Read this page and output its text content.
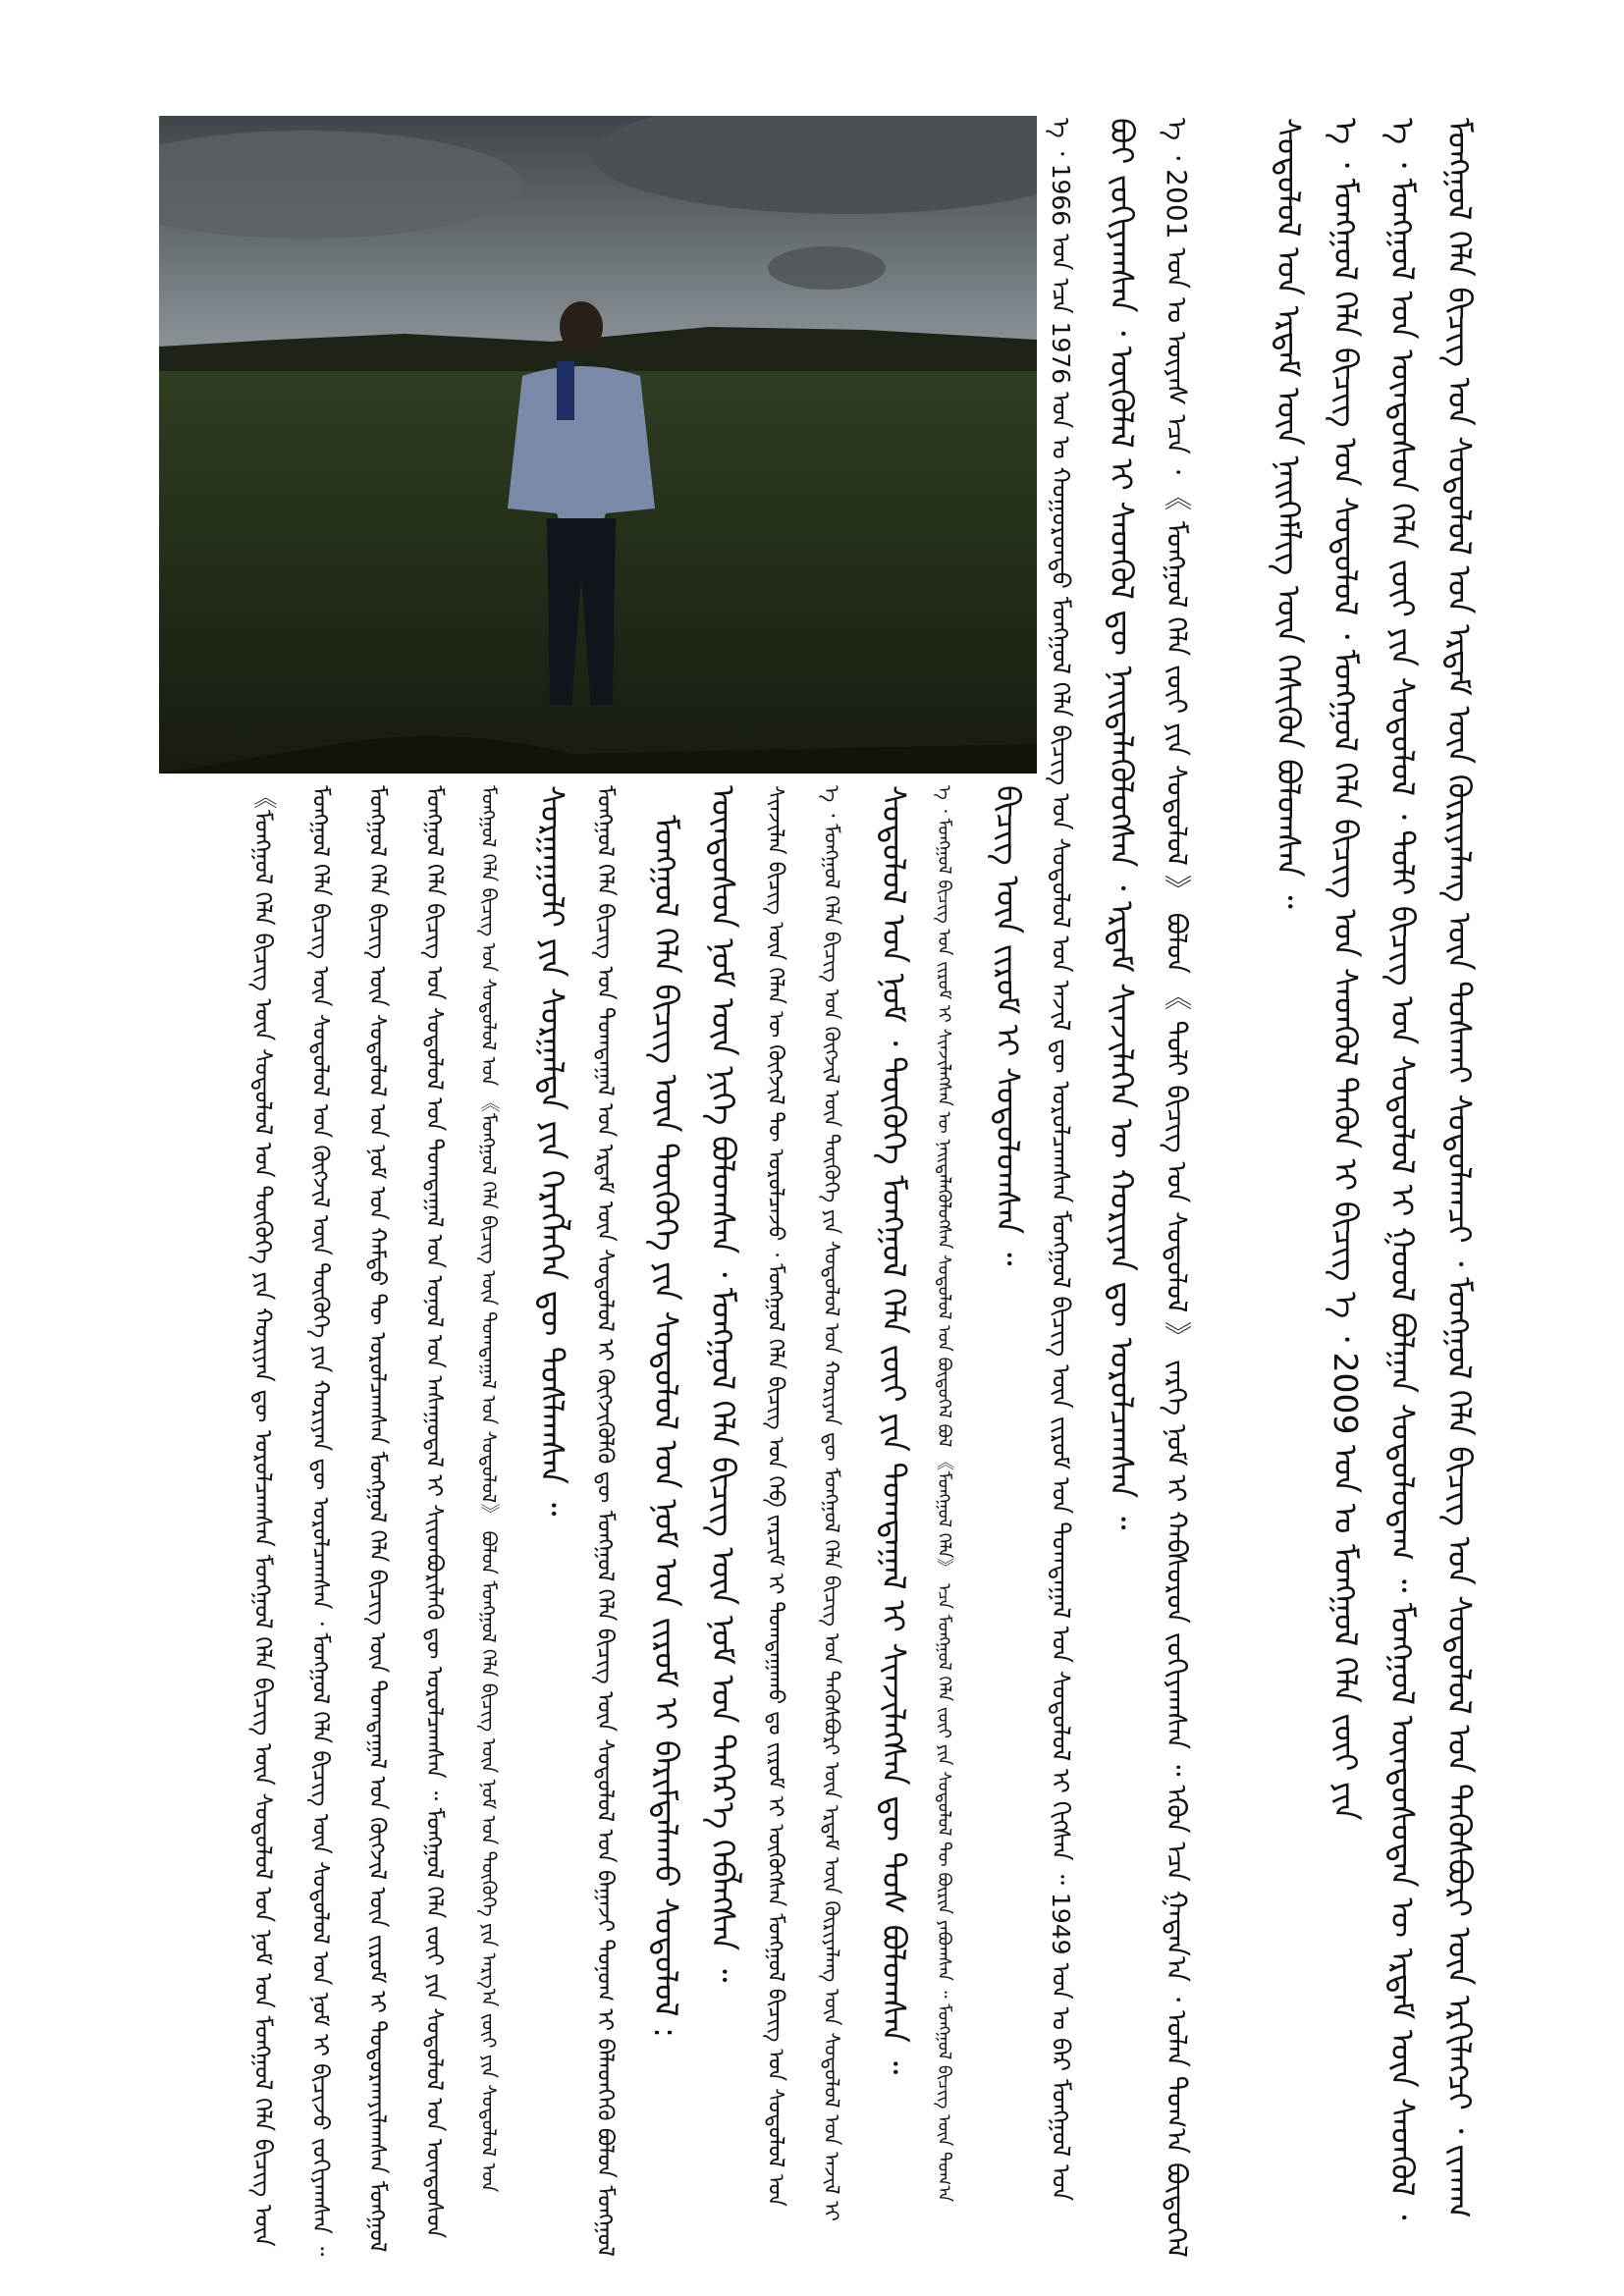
ᠮᠣᠩᠭᠣᠯ ᠬᠡᠯᠡ ᠪᠢᠴᠢᠭ᠌ ᠤᠨ ᠰᠤᠳᠤᠯᠤᠯ ᠤᠨ ᠡᠷᠳᠡᠮ ᠦᠨ ᠬᠦᠷᠢᠶᠡᠯᠡᠩ ᠦᠨ ᠲᠤᠰᠬᠠᠢ ᠰᠤᠳᠤᠯᠠᠭᠴᠢ ᠂ ᠮᠣᠩᠭᠣᠯ ᠬᠡᠯᠡ ᠪᠢᠴᠢᠭ᠌ ᠤᠨ ᠰᠤᠳᠤᠯᠤᠯ ᠤᠨ ᠲᠡᠭᠦᠰᠪᠦᠷᠢ ᠦᠨ ᠡᠷᠬᠢᠯᠡᠭᠴᠢ ᠂ ᠵᠢᠬᠠᠭ
ᠡ ᠂ ᠮᠣᠩᠭᠣᠯ ᠤᠨ ᠦᠨᠳᠦᠰᠦᠨ ᠬᠡᠯᠡ ᠵᠦᠢ ᠶᠢᠨ ᠰᠤᠳᠤᠯᠤᠯ ᠂ ᠲᠣᠯᠢ ᠪᠢᠴᠢᠭ᠌ ᠤᠨ ᠰᠤᠳᠤᠯᠤᠯ ᠢ ᠭᠣᠣᠯ ᠪᠣᠯᠭᠠᠨ ᠰᠤᠳᠤᠯᠤᠳᠠᠭ ᠃ ᠮᠣᠩᠭᠣᠯ ᠦᠨᠳᠦᠰᠦᠲᠡᠨ ᠦ ᠡᠷᠳᠡᠮ ᠦᠨ ᠰᠡᠳᠬᠦᠯ ᠂
ᠡ ᠂ ᠮᠣᠩᠭᠣᠯ ᠬᠡᠯᠡ ᠪᠢᠴᠢᠭ᠌ ᠤᠨ ᠰᠤᠳᠤᠯᠤᠯ ᠂ ᠮᠣᠩᠭᠣᠯ ᠬᠡᠯᠡ ᠪᠢᠴᠢᠭ᠌ ᠤᠨ ᠰᠡᠳᠬᠦᠯ ᠲᠡᠭᠦᠨ ᠢ ᠪᠢᠴᠢᠭ᠌ ᠡ ᠂ 2009 ᠣᠨ ᠤ ᠮᠣᠩᠭᠣᠯ ᠬᠡᠯᠡ ᠵᠦᠢ ᠶᠢᠨ
ᠰᠣᠳᠤᠯᠤᠯ ᠤᠨ ᠡᠷᠳᠡᠮ ᠦᠨ ᠨᠡᠢᠭᠡᠮᠯᠢᠭ ᠦᠨ ᠭᠡᠰᠢᠭᠦᠨ ᠪᠣᠯᠤᠭᠰᠠᠨ ᠃
ᠡ ᠂ 2001 ᠣᠨ ᠤ ᠦᠶᠡᠰ ᠡᠴᠡ ᠂ 《 ᠮᠣᠩᠭᠣᠯ ᠬᠡᠯᠡ ᠵᠦᠢ ᠶᠢᠨ ᠰᠤᠳᠤᠯᠤᠯ 》 ᠪᠣᠯᠤᠨ 《 ᠲᠣᠯᠢ ᠪᠢᠴᠢᠭ᠌ ᠤᠨ ᠰᠤᠳᠤᠯᠤᠯ 》 ᠵᠡᠷᠭᠡ ᠨᠣᠮ ᠢ ᠬᠠᠪᠰᠤᠷᠤᠨ ᠵᠣᠬᠢᠶᠠᠭᠰᠠᠨ ᠃ ᠡᠭᠦᠨ ᠡᠴᠡ ᠭᠠᠳᠠᠨ᠎ᠠ ᠂ ᠣᠯᠠᠨ ᠲᠣᠭ᠎ᠠ ᠪᠦᠲᠦᠭᠡᠯ
ᠪᠤᠶ ᠵᠣᠬᠢᠶᠠᠭᠰᠠᠨ ᠂ ᠥᠭᠦᠯᠡᠯ ᠢ ᠰᠡᠳᠬᠦᠯ ᠳᠦ ᠨᠡᠢᠲᠡᠯᠡᠭᠦᠯᠦᠭᠰᠡᠨ ᠂ ᠡᠷᠳᠡᠮ ᠰᠢᠨᠵᠢᠯᠡᠭᠡᠨ ᠦ ᠬᠣᠷᠢᠶᠠᠨ ᠳᠦ ᠣᠷᠣᠯᠴᠠᠭᠰᠠᠨ ᠃
ᠡ ᠂ 1966 ᠣᠨ ᠡᠴᠡ 1976 ᠣᠨ ᠤ ᠬᠣᠭᠣᠷᠣᠨᠳᠤ ᠮᠣᠩᠭᠣᠯ ᠬᠡᠯᠡ ᠪᠢᠴᠢᠭ᠌ ᠤᠨ ᠰᠤᠳᠤᠯᠤᠯ ᠤᠨ ᠠᠵᠢᠯ ᠳᠦ ᠣᠷᠣᠯᠴᠠᠭᠰᠠᠨ ᠮᠣᠩᠭᠣᠯ ᠪᠢᠴᠢᠭ᠌ ᠦᠨ ᠵᠢᠷᠤᠮ ᠤᠨ ᠲᠣᠭᠲᠠᠭᠠᠯ ᠤᠨ ᠰᠤᠳᠤᠯᠤᠯ ᠢ ᠬᠢᠭᠰᠡᠨ ᠃ 1949 ᠣᠨ ᠤ ᠪᠠᠷ ᠮᠣᠩᠭᠣᠯ ᠤᠨ
ᠪᠢᠴᠢᠭ᠌ ᠦᠨ ᠵᠢᠷᠤᠮ ᠢ ᠰᠤᠳᠤᠯᠤᠭᠰᠠᠨ ᠃
ᠡ ᠂ ᠮᠣᠩᠭᠣᠯ ᠪᠢᠴᠢᠭ᠌ ᠤᠨ ᠵᠢᠷᠤᠮ ᠢ ᠰᠢᠨᠵᠢᠯᠡᠭᠰᠡᠨ ᠦ ᠨᠡᠢᠲᠡᠯᠡᠭᠦᠯᠦᠭᠰᠡᠨ ᠰᠤᠳᠤᠯᠤᠯ ᠤᠨ ᠪᠦᠲᠦᠭᠡᠯ ᠪᠣᠯ 《ᠮᠣᠩᠭᠣᠯ ᠬᠡᠯᠡ》 ᠡᠴᠡ ᠮᠣᠩᠭᠣᠯ ᠬᠡᠯᠡ ᠵᠦᠢ ᠶᠢᠨ ᠰᠤᠳᠤᠯᠤᠯ ᠲᠦ ᠪᠦᠷᠢᠨ ᠶᠠᠪᠤᠭᠰᠠᠨ ᠃ ᠮᠣᠩᠭᠣᠯ ᠪᠢᠴᠢᠭ᠌ ᠦᠨ ᠲᠣᠭ᠎ᠠ
ᠰᠤᠳᠤᠯᠤᠯ ᠤᠨ ᠨᠤᠮ ᠂ ᠲᠦᠭᠦᠬᠡ ᠮᠣᠩᠭᠣᠯ ᠬᠡᠯᠡ ᠵᠦᠢ ᠶᠢᠨ ᠲᠣᠭᠲᠠᠭᠠᠯ ᠢ ᠰᠢᠨᠵᠢᠯᠡᠭᠰᠡᠨ ᠳᠦ ᠲᠤᠰ ᠪᠣᠯᠤᠭᠰᠠᠨ ᠃
ᠡ ᠂ ᠮᠣᠩᠭᠣᠯ ᠬᠡᠯᠡ ᠪᠢᠴᠢᠭ᠌ ᠤᠨ ᠬᠥᠭᠵᠢᠯ ᠦᠨ ᠲᠦᠭᠦᠬᠡ ᠶᠢᠨ ᠰᠤᠳᠤᠯᠤᠯ ᠤᠨ ᠬᠣᠷᠢᠶᠠᠨ ᠳᠦ ᠮᠣᠩᠭᠣᠯ ᠬᠡᠯᠡ ᠪᠢᠴᠢᠭ᠌ ᠤᠨ ᠲᠡᠭᠦᠰᠪᠦᠷᠢ ᠦᠨ ᠡᠷᠳᠡᠮ ᠦᠨ ᠬᠦᠷᠢᠶᠡᠯᠡᠩ ᠦᠨ ᠰᠤᠳᠤᠯᠤᠯ ᠤᠨ ᠠᠵᠢᠯ ᠢ
ᠰᠢᠨᠵᠢᠯᠡᠨ ᠪᠢᠴᠢᠭ᠌ ᠦᠨ ᠬᠡᠯᠡᠨ ᠦ ᠬᠥᠭᠵᠢᠯ ᠲᠦ ᠣᠷᠣᠯᠴᠠᠵᠤ ᠂ ᠮᠣᠩᠭᠣᠯ ᠬᠡᠯᠡ ᠪᠢᠴᠢᠭ᠌ ᠤᠨ ᠬᠡᠪ ᠵᠠᠷᠴᠢᠮ ᠢ ᠲᠣᠭᠲᠠᠭᠠᠬᠤ ᠳᠤ ᠵᠢᠷᠤᠮ ᠢ ᠦᠬᠦᠭᠰᠡᠨ ᠮᠣᠩᠭᠣᠯ ᠪᠢᠴᠢᠭ᠌ ᠤᠨ ᠰᠤᠳᠤᠯᠤᠯ ᠤᠨ
ᠦᠨᠳᠦᠰᠦᠨ ᠨᠣᠮ ᠦᠨ ᠨᠢᠭᠡ ᠪᠣᠯᠤᠭᠰᠠᠨ ᠂ ᠮᠣᠩᠭᠣᠯ ᠬᠡᠯᠡ ᠪᠢᠴᠢᠭ᠌ ᠦᠨ ᠨᠣᠮ ᠤᠨ ᠳᠡᠭᠡᠷ᠎ᠡ ᠬᠡᠪᠯᠡᠭᠰᠡᠨ ᠃
ᠮᠣᠩᠭᠣᠯ ᠬᠡᠯᠡ ᠪᠢᠴᠢᠭ᠌ ᠦᠨ ᠲᠦᠭᠦᠬᠡ ᠶᠢᠨ ᠰᠤᠳᠤᠯᠤᠯ ᠤᠨ ᠨᠣᠮ ᠤᠨ ᠵᠢᠷᠤᠮ ᠢ ᠪᠠᠷᠢᠮᠲᠠᠯᠠᠬᠤ ᠰᠤᠳᠤᠯᠤᠯ :
ᠮᠣᠩᠭᠣᠯ ᠬᠡᠯᠡ ᠪᠢᠴᠢᠭ᠌ ᠤᠨ ᠲᠣᠭᠲᠠᠭᠠᠯ ᠤᠨ ᠡᠷᠳᠡᠮ ᠦᠨ ᠰᠤᠳᠤᠯᠤᠯ ᠢ ᠬᠦᠭᠵᠢᠭᠦᠯᠬᠦ ᠳᠦ ᠮᠣᠩᠭᠣᠯ ᠬᠡᠯᠡ ᠪᠢᠴᠢᠭ᠌ ᠦᠨ ᠰᠤᠳᠤᠯᠤᠯ ᠤᠨ ᠪᠠᠭᠠᠵᠢ ᠲᠣᠨᠣᠭ ᠢ ᠪᠡᠯᠡᠳᠬᠡᠬᠦ ᠪᠣᠯᠤᠨ ᠮᠣᠩᠭᠣᠯ
ᠰᠤᠷᠭᠠᠭᠤᠯᠢ ᠶᠢᠨ ᠰᠤᠷᠭᠠᠯᠲᠠ ᠶᠢᠨ ᠬᠡᠷᠡᠭᠯᠡᠭᠡᠨ ᠳᠦ ᠲᠤᠰᠯᠠᠭᠰᠠᠨ ᠃
ᠮᠣᠩᠭᠣᠯ ᠬᠡᠯᠡ ᠪᠢᠴᠢᠭ᠌ ᠤᠨ ᠰᠤᠳᠤᠯᠤᠯ ᠤᠨ 《ᠮᠣᠩᠭᠣᠯ ᠬᠡᠯᠡ ᠪᠢᠴᠢᠭ᠌ ᠦᠨ ᠲᠣᠭᠲᠠᠭᠠᠯ ᠤᠨ ᠰᠤᠳᠤᠯᠤᠯ》 ᠪᠣᠯᠤᠨ ᠮᠣᠩᠭᠣᠯ ᠬᠡᠯᠡ ᠪᠢᠴᠢᠭ᠌ ᠦᠨ ᠨᠣᠮ ᠤᠨ ᠲᠦᠭᠦᠬᠡ ᠶᠢᠨ ᠠᠷᠭ᠎ᠠ ᠵᠦᠢ ᠶᠢᠨ ᠰᠤᠳᠤᠯᠤᠯ ᠤᠨ
ᠮᠣᠩᠭᠣᠯ ᠬᠡᠯᠡ ᠪᠢᠴᠢᠭ᠌ ᠤᠨ ᠰᠤᠳᠤᠯᠤᠯ ᠤᠨ ᠲᠣᠭᠲᠠᠭᠠᠯ ᠤᠨ ᠣᠨᠣᠯ ᠤᠨ ᠠᠰᠠᠭᠤᠳᠠᠯ ᠢ ᠰᠢᠢᠳᠪᠦᠷᠢᠯᠡᠬᠦ ᠳᠦ ᠣᠷᠣᠯᠴᠠᠭᠰᠠᠨ ᠃ ᠮᠣᠩᠭᠣᠯ ᠬᠡᠯᠡ ᠵᠦᠢ ᠶᠢᠨ ᠰᠤᠳᠤᠯᠤᠯ ᠤᠨ ᠦᠨᠳᠦᠰᠦᠨ
ᠮᠣᠩᠭᠣᠯ ᠬᠡᠯᠡ ᠪᠢᠴᠢᠭ᠌ ᠦᠨ ᠰᠤᠳᠤᠯᠤᠯ ᠤᠨ ᠨᠣᠮ ᠤᠨ ᠬᠠᠮᠲᠤ ᠲᠦ ᠣᠷᠣᠯᠴᠠᠭᠰᠠᠨ ᠮᠣᠩᠭᠣᠯ ᠬᠡᠯᠡ ᠪᠢᠴᠢᠭ᠌ ᠦᠨ ᠲᠣᠭᠲᠠᠭᠠᠯ ᠤᠨ ᠬᠦᠭᠵᠢᠯ ᠦᠨ ᠵᠢᠷᠤᠮ ᠢ ᠲᠣᠳᠣᠷᠬᠠᠶᠢᠯᠠᠭᠰᠠᠨ ᠮᠣᠩᠭᠣᠯ
ᠮᠣᠩᠭᠣᠯ ᠬᠡᠯᠡ ᠪᠢᠴᠢᠭ᠌ ᠦᠨ ᠰᠤᠳᠤᠯᠤᠯ ᠤᠨ ᠬᠦᠭᠵᠢᠯ ᠦᠨ ᠲᠦᠭᠦᠬᠡ ᠶᠢᠨ ᠬᠣᠷᠢᠶᠠᠨ ᠳᠦ ᠣᠷᠣᠯᠴᠠᠭᠰᠠᠨ ᠂ ᠮᠣᠩᠭᠣᠯ ᠬᠡᠯᠡ ᠪᠢᠴᠢᠭ᠌ ᠦᠨ ᠰᠤᠳᠤᠯᠤᠯ ᠤᠨ ᠨᠣᠮ ᠢ ᠪᠢᠴᠢᠵᠦ ᠵᠣᠬᠢᠶᠠᠭᠰᠠᠨ ᠃
《ᠮᠣᠩᠭᠣᠯ ᠬᠡᠯᠡ ᠪᠢᠴᠢᠭ᠌ ᠦᠨ ᠰᠤᠳᠤᠯᠤᠯ ᠤᠨ ᠲᠦᠭᠦᠬᠡ ᠶᠢᠨ ᠬᠣᠷᠢᠶᠠᠨ ᠳᠦ ᠣᠷᠣᠯᠴᠠᠭᠰᠠᠨ ᠮᠣᠩᠭᠣᠯ ᠬᠡᠯᠡ ᠪᠢᠴᠢᠭ᠌ ᠦᠨ ᠰᠤᠳᠤᠯᠤᠯ ᠤᠨ ᠨᠣᠮ ᠤᠨ ᠮᠣᠩᠭᠣᠯ ᠬᠡᠯᠡ ᠪᠢᠴᠢᠭ᠌ ᠦᠨ
